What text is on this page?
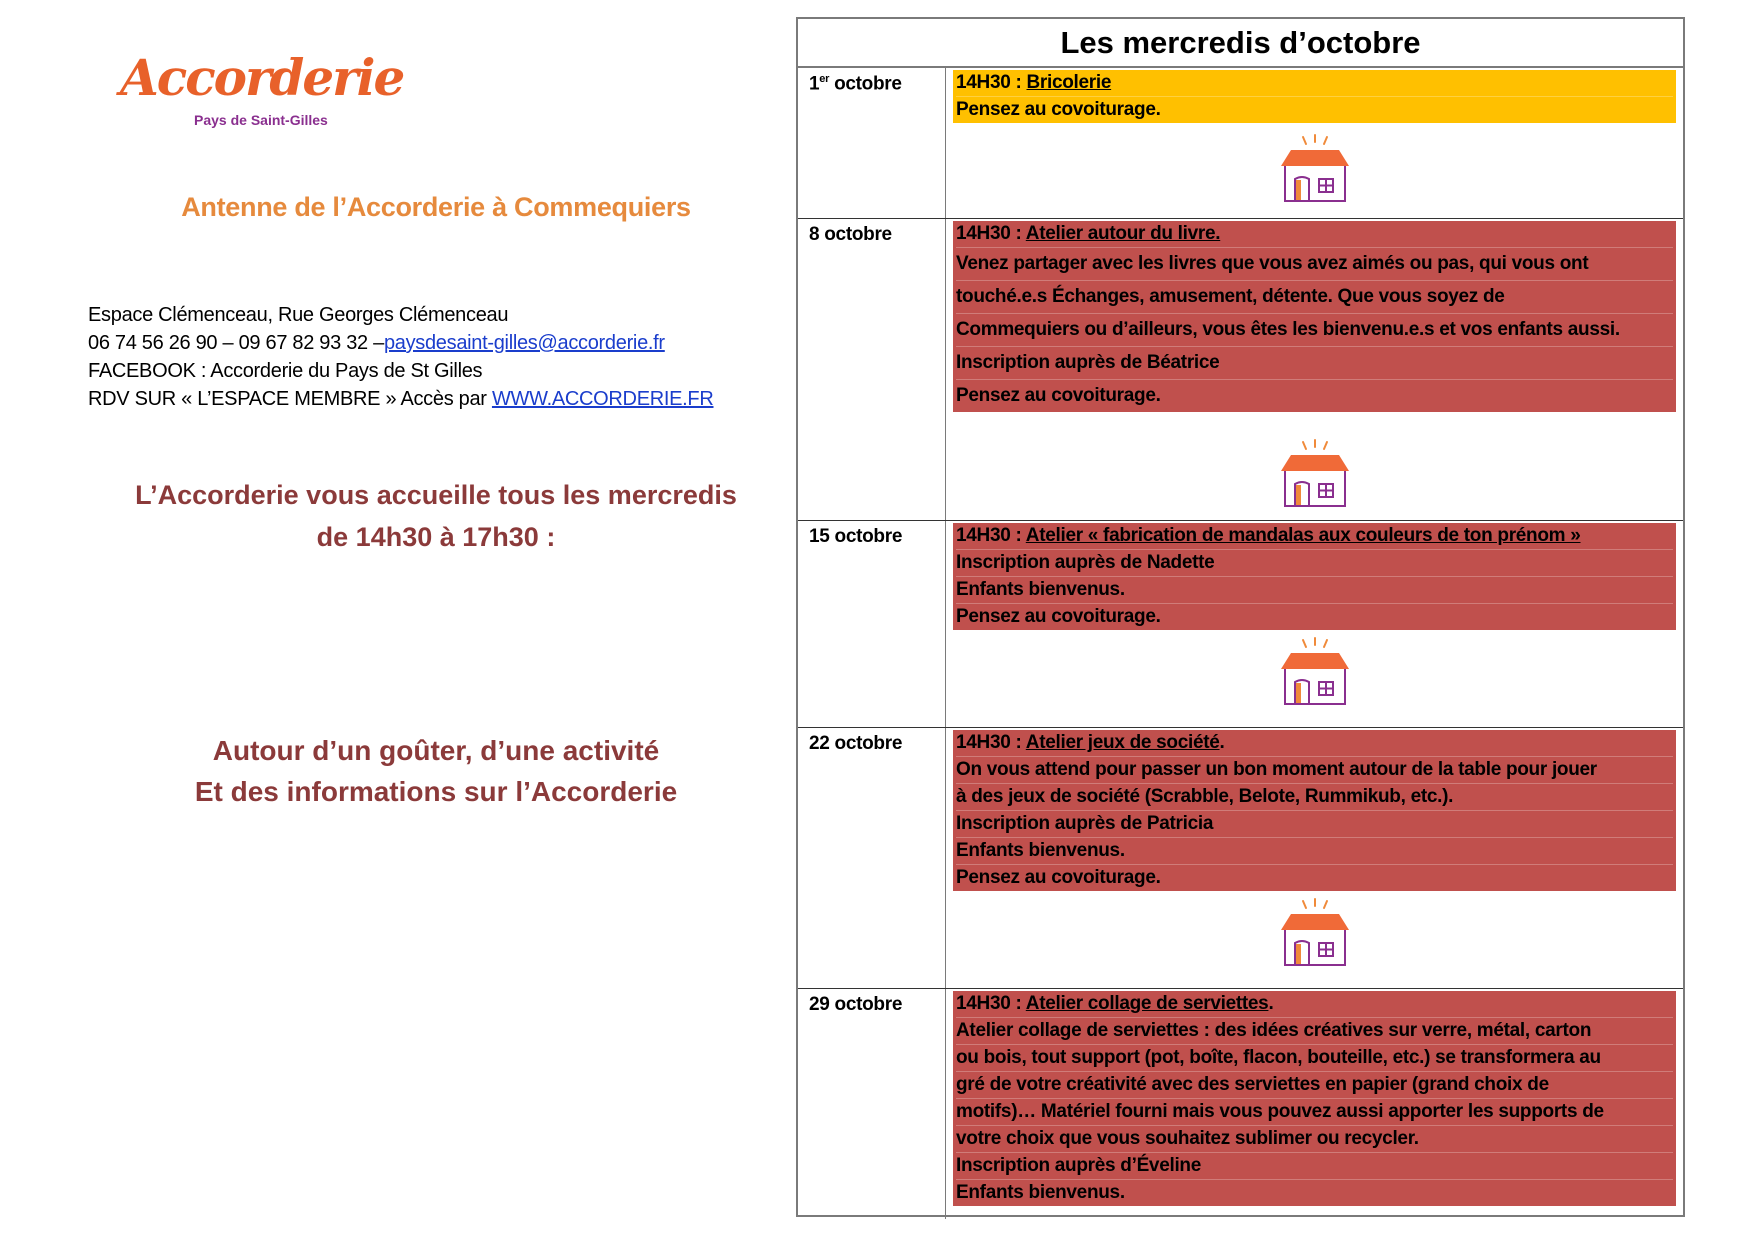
Accorderie
Pays de Saint-Gilles
Antenne de l’Accorderie à Commequiers
Espace Clémenceau, Rue Georges Clémenceau
06 74 56 26 90 – 09 67 82 93 32 –paysdesaint-gilles@accorderie.fr
FACEBOOK : Accorderie du Pays de St Gilles
RDV SUR « L’ESPACE MEMBRE » Accès par WWW.ACCORDERIE.FR
L’Accorderie vous accueille tous les mercredis
de 14h30 à 17h30 :
Autour d’un goûter, d’une activité
Et des informations sur l’Accorderie
Les mercredis d’octobre
1er octobre	14H30 : Bricolerie
Pensez au covoiturage.
8 octobre	14H30 : Atelier autour du livre.
Venez partager avec les livres que vous avez aimés ou pas, qui vous ont
touché.e.s Échanges, amusement, détente. Que vous soyez de
Commequiers ou d’ailleurs, vous êtes les bienvenu.e.s et vos enfants aussi.
Inscription auprès de Béatrice
Pensez au covoiturage.
15 octobre	14H30 : Atelier « fabrication de mandalas aux couleurs de ton prénom »
Inscription auprès de Nadette
Enfants bienvenus.
Pensez au covoiturage.
22 octobre	14H30 : Atelier jeux de société.
On vous attend pour passer un bon moment autour de la table pour jouer
à des jeux de société (Scrabble, Belote, Rummikub, etc.).
Inscription auprès de Patricia
Enfants bienvenus.
Pensez au covoiturage.
29 octobre	14H30 : Atelier collage de serviettes.
Atelier collage de serviettes : des idées créatives sur verre, métal, carton
ou bois, tout support (pot, boîte, flacon, bouteille, etc.) se transformera au
gré de votre créativité avec des serviettes en papier (grand choix de
motifs)… Matériel fourni mais vous pouvez aussi apporter les supports de
votre choix que vous souhaitez sublimer ou recycler.
Inscription auprès d’Éveline
Enfants bienvenus.
